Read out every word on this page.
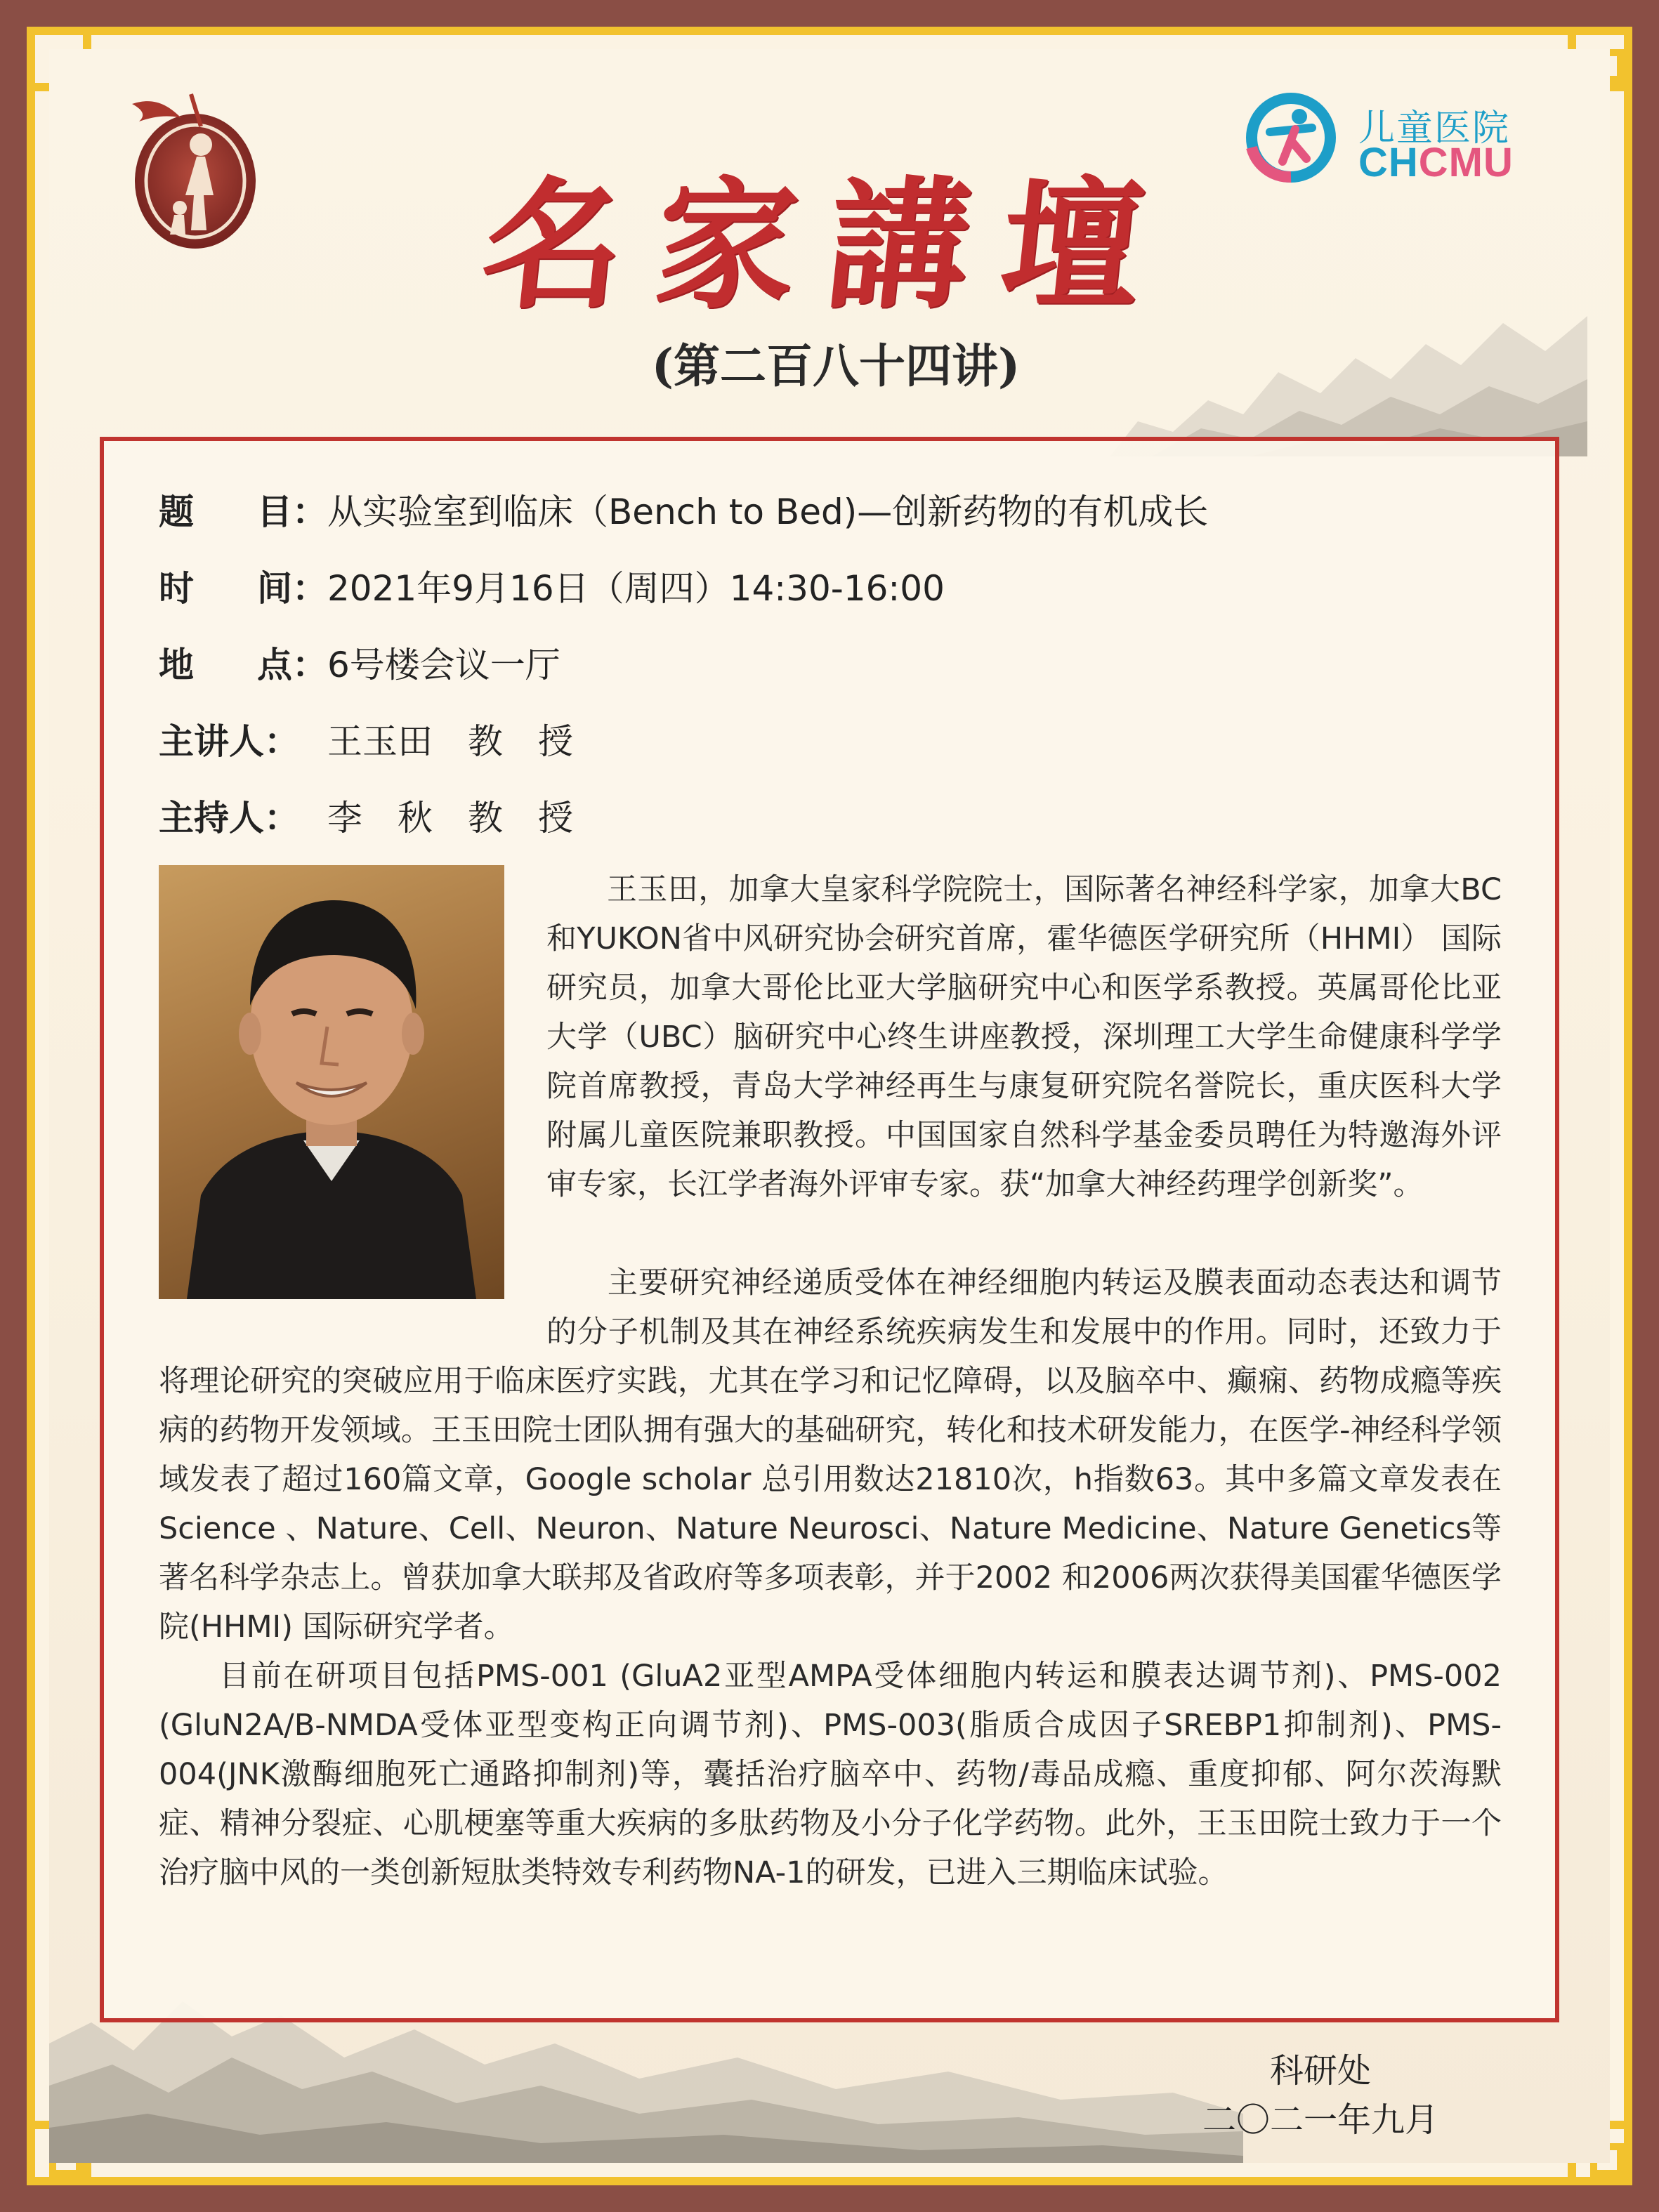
儿童医院
CHCMU
名家講壇
(第二百八十四讲)
题 目：从实验室到临床（Bench to Bed)—创新药物的有机成长
时 间：2021年9月16日（周四）14:30-16:00
地 点：6号楼会议一厅
主讲人： 王玉田　教　授
主持人： 李　秋　教　授

王玉田，加拿大皇家科学院院士，国际著名神经科学家，加拿大BC和YUKON省中风研究协会研究首席，霍华德医学研究所（HHMI） 国际研究员，加拿大哥伦比亚大学脑研究中心和医学系教授。英属哥伦比亚大学（UBC）脑研究中心终生讲座教授，深圳理工大学生命健康科学学院首席教授，青岛大学神经再生与康复研究院名誉院长，重庆医科大学附属儿童医院兼职教授。中国国家自然科学基金委员聘任为特邀海外评审专家，长江学者海外评审专家。获“加拿大神经药理学创新奖”。

主要研究神经递质受体在神经细胞内转运及膜表面动态表达和调节的分子机制及其在神经系统疾病发生和发展中的作用。同时，还致力于将理论研究的突破应用于临床医疗实践，尤其在学习和记忆障碍，以及脑卒中、癫痫、药物成瘾等疾病的药物开发领域。王玉田院士团队拥有强大的基础研究，转化和技术研发能力，在医学-神经科学领域发表了超过160篇文章，Google scholar 总引用数达21810次，h指数63。其中多篇文章发表在Science 、Nature、Cell、Neuron、Nature Neurosci、Nature Medicine、Nature Genetics等著名科学杂志上。曾获加拿大联邦及省政府等多项表彰，并于2002 和2006两次获得美国霍华德医学院(HHMI) 国际研究学者。

目前在研项目包括PMS-001 (GluA2亚型AMPA受体细胞内转运和膜表达调节剂)、PMS-002 (GluN2A/B-NMDA受体亚型变构正向调节剂)、PMS-003(脂质合成因子SREBP1抑制剂)、PMS-004(JNK激酶细胞死亡通路抑制剂)等，囊括治疗脑卒中、药物/毒品成瘾、重度抑郁、阿尔茨海默症、精神分裂症、心肌梗塞等重大疾病的多肽药物及小分子化学药物。此外，王玉田院士致力于一个治疗脑中风的一类创新短肽类特效专利药物NA-1的研发，已进入三期临床试验。

科研处
二〇二一年九月
